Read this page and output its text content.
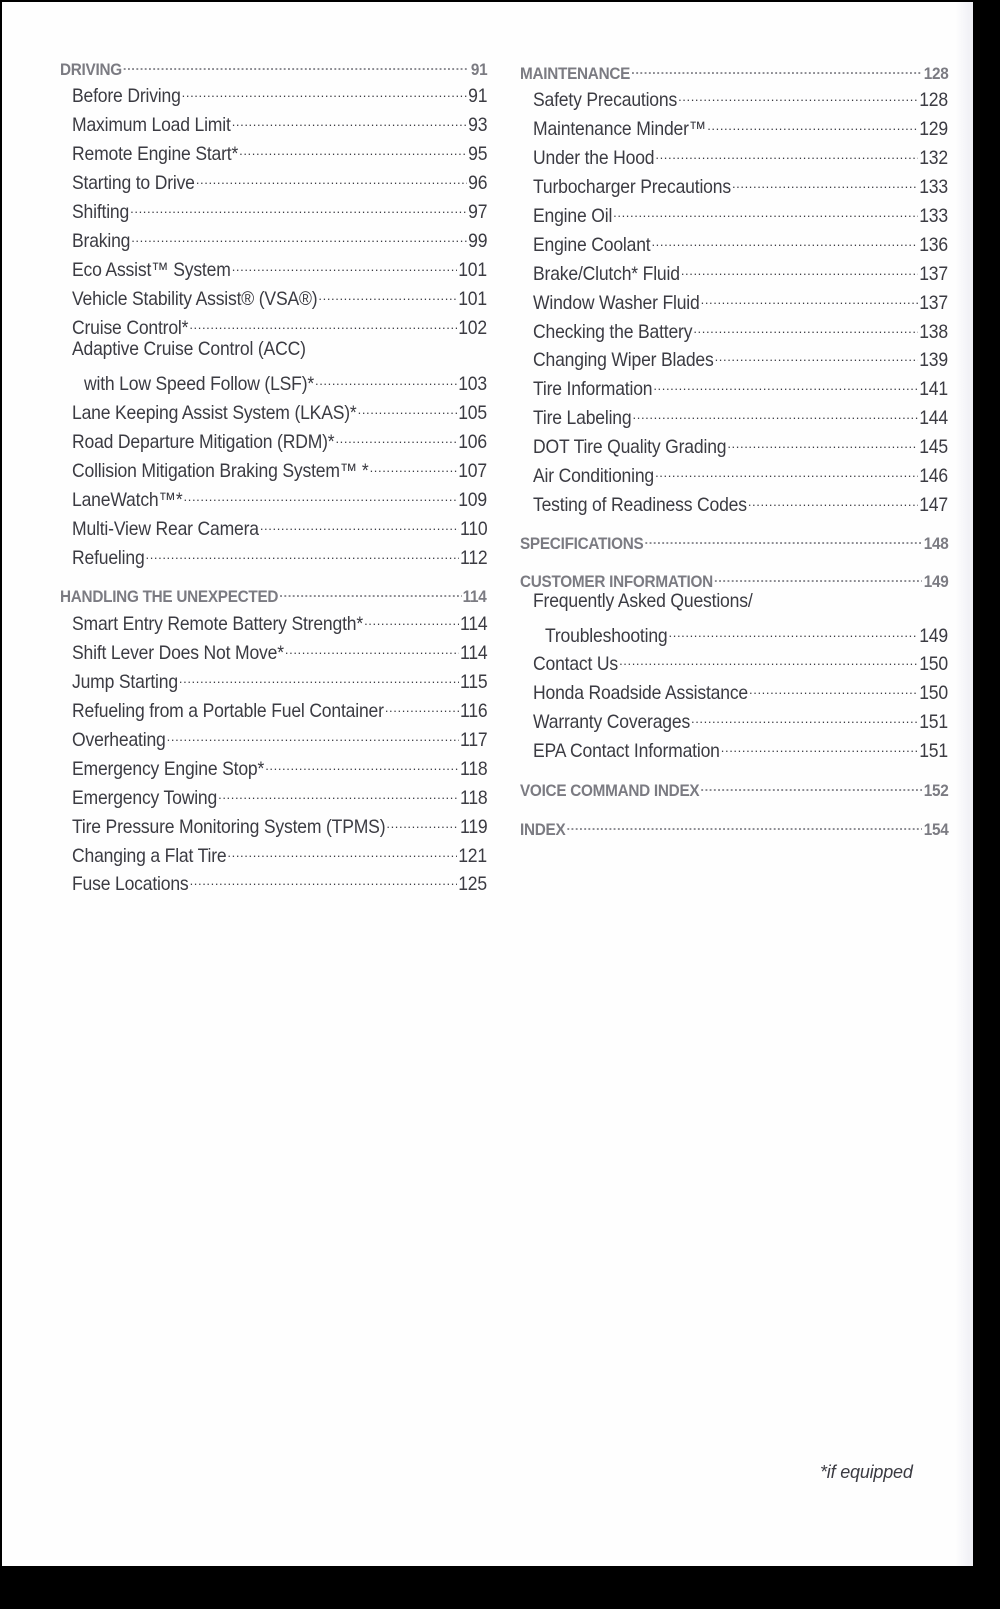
DRIVING .....	91
Before Driving .....	91
Maximum Load Limit .....	93
Remote Engine Start* .....	95
Starting to Drive .....	96
Shifting .....	97
Braking .....	99
Eco Assist™ System .....	101
Vehicle Stability Assist® (VSA®) .....	101
Cruise Control* .....	102
Adaptive Cruise Control (ACC)
with Low Speed Follow (LSF)* .....	103
Lane Keeping Assist System (LKAS)* .....	105
Road Departure Mitigation (RDM)* .....	106
Collision Mitigation Braking System™ * .....	107
LaneWatch™* .....	109
Multi-View Rear Camera .....	110
Refueling .....	112
HANDLING THE UNEXPECTED .....	114
Smart Entry Remote Battery Strength* .....	114
Shift Lever Does Not Move* .....	114
Jump Starting .....	115
Refueling from a Portable Fuel Container .....	116
Overheating .....	117
Emergency Engine Stop* .....	118
Emergency Towing .....	118
Tire Pressure Monitoring System (TPMS) .....	119
Changing a Flat Tire .....	121
Fuse Locations .....	125
MAINTENANCE .....	128
Safety Precautions .....	128
Maintenance Minder™ .....	129
Under the Hood .....	132
Turbocharger Precautions .....	133
Engine Oil .....	133
Engine Coolant .....	136
Brake/Clutch* Fluid .....	137
Window Washer Fluid .....	137
Checking the Battery .....	138
Changing Wiper Blades .....	139
Tire Information .....	141
Tire Labeling .....	144
DOT Tire Quality Grading .....	145
Air Conditioning .....	146
Testing of Readiness Codes .....	147
SPECIFICATIONS .....	148
CUSTOMER INFORMATION .....	149
Frequently Asked Questions/
Troubleshooting .....	149
Contact Us .....	150
Honda Roadside Assistance .....	150
Warranty Coverages .....	151
EPA Contact Information .....	151
VOICE COMMAND INDEX .....	152
INDEX .....	154
*if equipped
